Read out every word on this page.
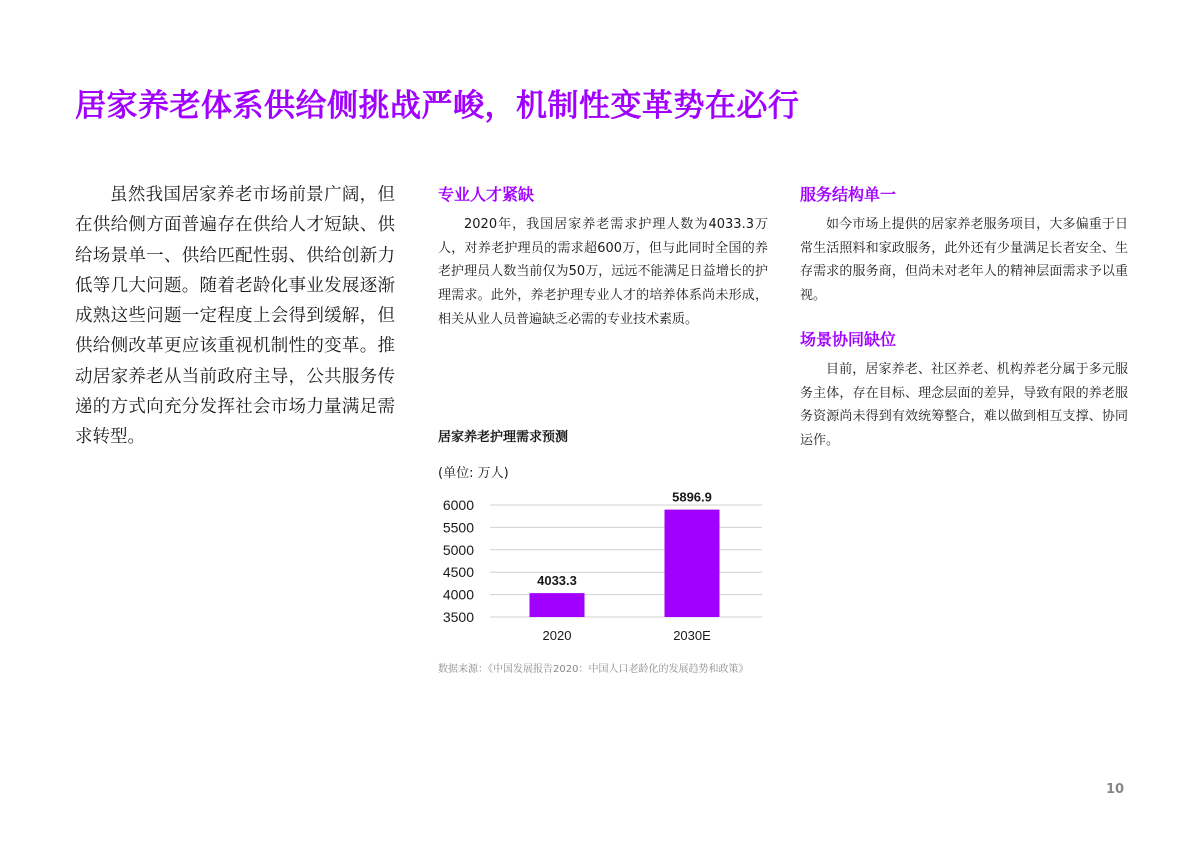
居家养老体系供给侧挑战严峻，机制性变革势在必行

虽然我国居家养老市场前景广阔，但在供给侧方面普遍存在供给人才短缺、供给场景单一、供给匹配性弱、供给创新力低等几大问题。随着老龄化事业发展逐渐成熟这些问题一定程度上会得到缓解，但供给侧改革更应该重视机制性的变革。推动居家养老从当前政府主导，公共服务传递的方式向充分发挥社会市场力量满足需求转型。

专业人才紧缺

2020年，我国居家养老需求护理人数为4033.3万人，对养老护理员的需求超600万，但与此同时全国的养老护理员人数当前仅为50万，远远不能满足日益增长的护理需求。此外，养老护理专业人才的培养体系尚未形成，相关从业人员普遍缺乏必需的专业技术素质。

服务结构单一

如今市场上提供的居家养老服务项目，大多偏重于日常生活照料和家政服务，此外还有少量满足长者安全、生存需求的服务商，但尚未对老年人的精神层面需求予以重视。

场景协同缺位

目前，居家养老、社区养老、机构养老分属于多元服务主体，存在目标、理念层面的差异，导致有限的养老服务资源尚未得到有效统筹整合，难以做到相互支撑、协同运作。

居家养老护理需求预测
(单位: 万人)
6000
5500
5000
4500
4000
3500
4033.3
2020
5896.9
2030E
数据来源：《中国发展报告2020：中国人口老龄化的发展趋势和政策》
10
